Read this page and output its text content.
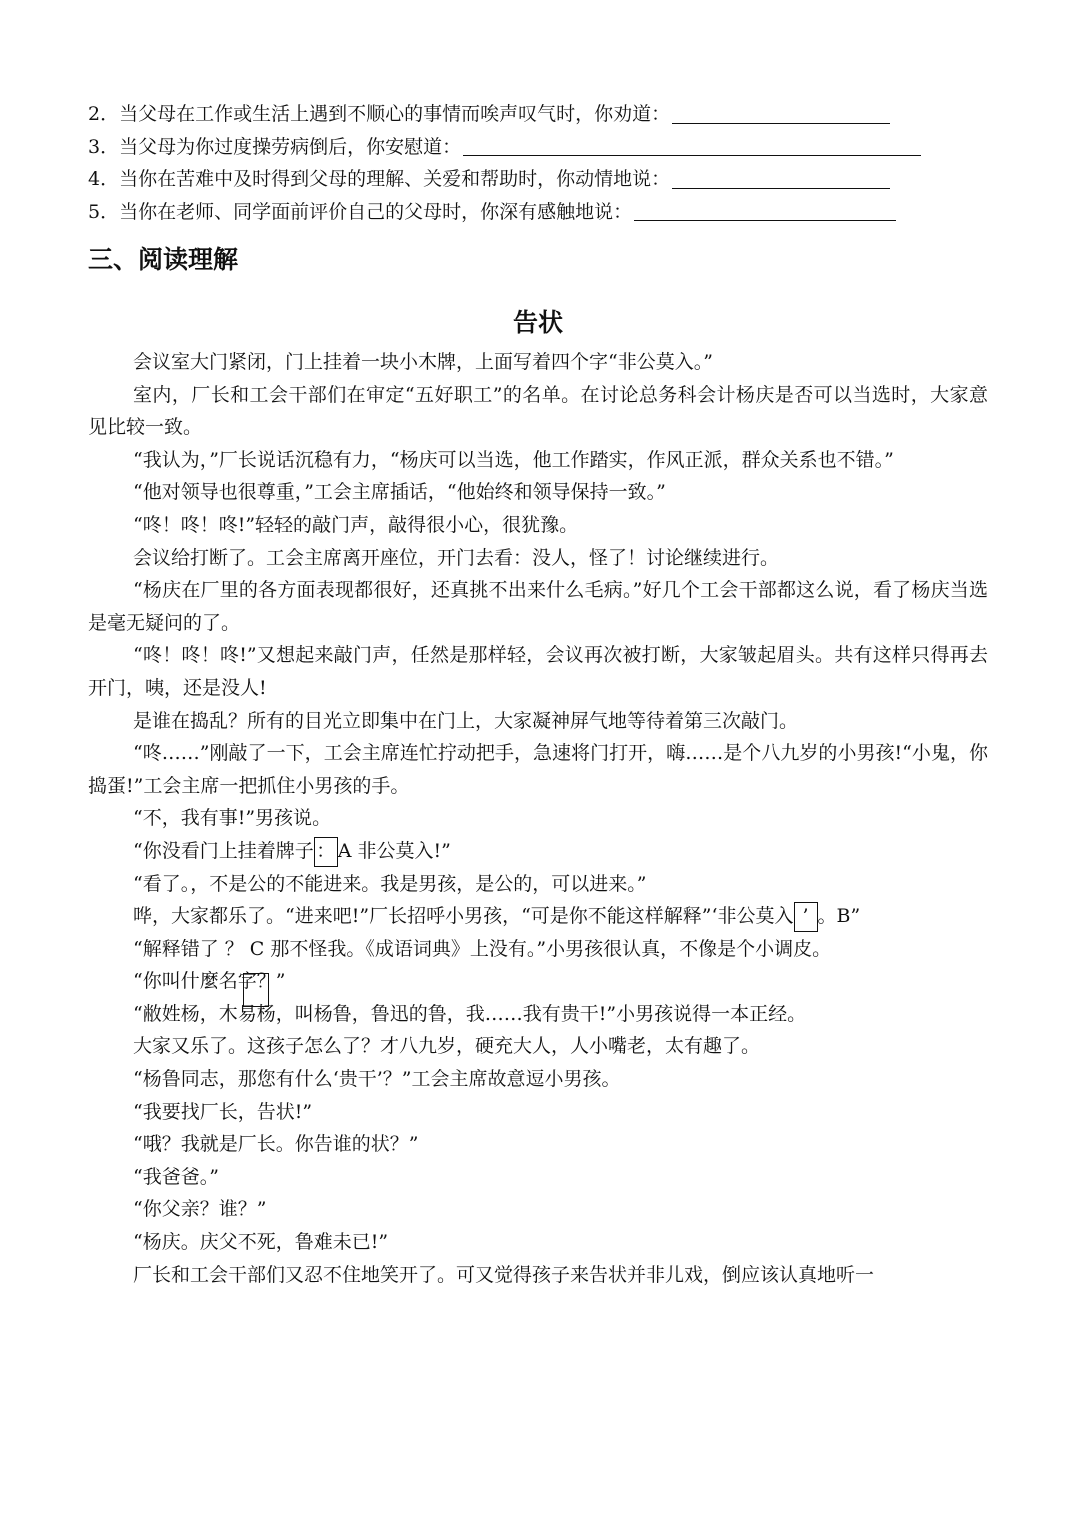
2．当父母在工作或生活上遇到不顺心的事情而唉声叹气时，你劝道：
3．当父母为你过度操劳病倒后，你安慰道：
4．当你在苦难中及时得到父母的理解、关爱和帮助时，你动情地说：
5．当你在老师、同学面前评价自己的父母时，你深有感触地说：
三、阅读理解
告状

会议室大门紧闭，门上挂着一块小木牌，上面写着四个字“非公莫入。”

室内，厂长和工会干部们在审定“五好职工”的名单。在讨论总务科会计杨庆是否可以当选时，大家意见比较一致。

“我认为，”厂长说话沉稳有力，“杨庆可以当选，他工作踏实，作风正派，群众关系也不错。”

“他对领导也很尊重，”工会主席插话，“他始终和领导保持一致。”

“咚！咚！咚!”轻轻的敲门声，敲得很小心，很犹豫。

会议给打断了。工会主席离开座位，开门去看：没人，怪了！讨论继续进行。

“杨庆在厂里的各方面表现都很好，还真挑不出来什么毛病。”好几个工会干部都这么说，看了杨庆当选是毫无疑问的了。

“咚！咚！咚!”又想起来敲门声，任然是那样轻，会议再次被打断，大家皱起眉头。共有这样只得再去开门，咦，还是没人!

是谁在捣乱？所有的目光立即集中在门上，大家凝神屏气地等待着第三次敲门。

“咚……”刚敲了一下，工会主席连忙拧动把手，急速将门打开，嗨……是个八九岁的小男孩!“小鬼，你捣蛋!”工会主席一把抓住小男孩的手。

“不，我有事!”男孩说。

“你没看门上挂着牌子 ： A 非公莫入!”

“看了。，不是公的不能进来。我是男孩，是公的，可以进来。”

哗，大家都乐了。“进来吧!”厂长招呼小男孩，“可是你不能这样解释”‘非公莫入 ’ 。B”

“解释错了 ？ C 那不怪我。《成语词典》上没有。”小男孩很认真，不像是个小调皮。

“你叫什麼名字？”

“敝姓杨，木易杨，叫杨鲁，鲁迅的鲁，我……我有贵干!”小男孩说得一本正经。

大家又乐了。这孩子怎么了？才八九岁，硬充大人，人小嘴老，太有趣了。

“杨鲁同志，那您有什么‘贵干’？”工会主席故意逗小男孩。

“我要找厂长，告状!”

“哦？我就是厂长。你告谁的状？”

“我爸爸。”

“你父亲？谁？”

“杨庆。庆父不死，鲁难未已!”

厂长和工会干部们又忍不住地笑开了。可又觉得孩子来告状并非儿戏，倒应该认真地听一
